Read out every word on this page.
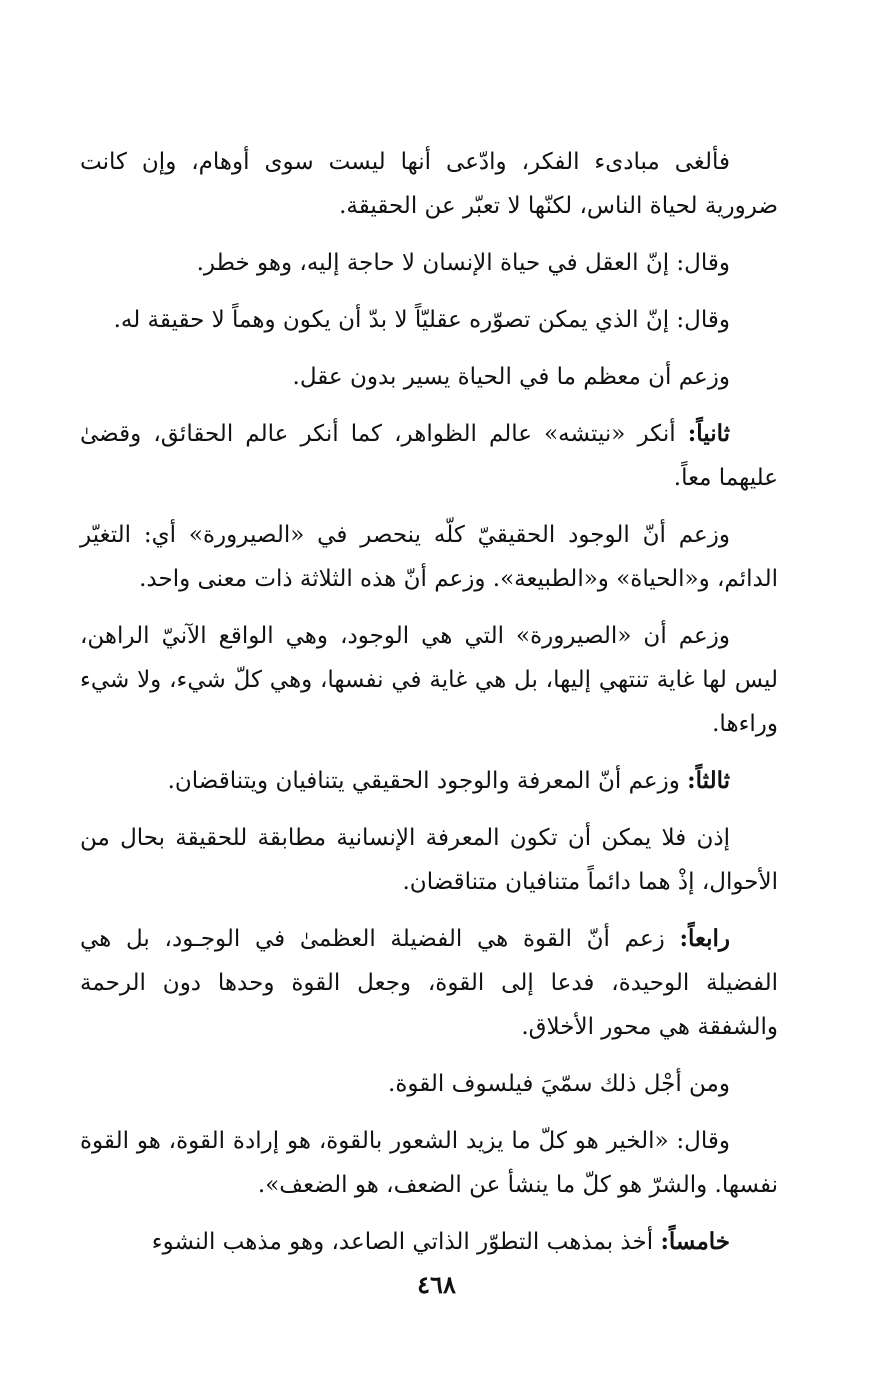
فألغى مبادىء الفكر، وادّعى أنها ليست سوى أوهام، وإن كانت ضرورية لحياة الناس، لكنّها لا تعبّر عن الحقيقة.

وقال: إنّ العقل في حياة الإنسان لا حاجة إليه، وهو خطر.

وقال: إنّ الذي يمكن تصوّره عقليّاً لا بدّ أن يكون وهماً لا حقيقة له.

وزعم أن معظم ما في الحياة يسير بدون عقل.

ثانياً: أنكر «نيتشه» عالم الظواهر، كما أنكر عالم الحقائق، وقضىٰ عليهما معاً.

وزعم أنّ الوجود الحقيقيّ كلّه ينحصر في «الصيرورة» أي: التغيّر الدائم، و«الحياة» و«الطبيعة». وزعم أنّ هذه الثلاثة ذات معنى واحد.

وزعم أن «الصيرورة» التي هي الوجود، وهي الواقع الآنيّ الراهن، ليس لها غاية تنتهي إليها، بل هي غاية في نفسها، وهي كلّ شيء، ولا شيء وراءها.

ثالثاً: وزعم أنّ المعرفة والوجود الحقيقي يتنافيان ويتناقضان.

إذن فلا يمكن أن تكون المعرفة الإنسانية مطابقة للحقيقة بحال من الأحوال، إذْ هما دائماً متنافيان متناقضان.

رابعاً: زعم أنّ القوة هي الفضيلة العظمىٰ في الوجـود، بل هي الفضيلة الوحيدة، فدعا إلى القوة، وجعل القوة وحدها دون الرحمة والشفقة هي محور الأخلاق.

ومن أجْل ذلك سمّيَ فيلسوف القوة.

وقال: «الخير هو كلّ ما يزيد الشعور بالقوة، هو إرادة القوة، هو القوة نفسها. والشرّ هو كلّ ما ينشأ عن الضعف، هو الضعف».

خامساً: أخذ بمذهب التطوّر الذاتي الصاعد، وهو مذهب النشوء

٤٦٨
